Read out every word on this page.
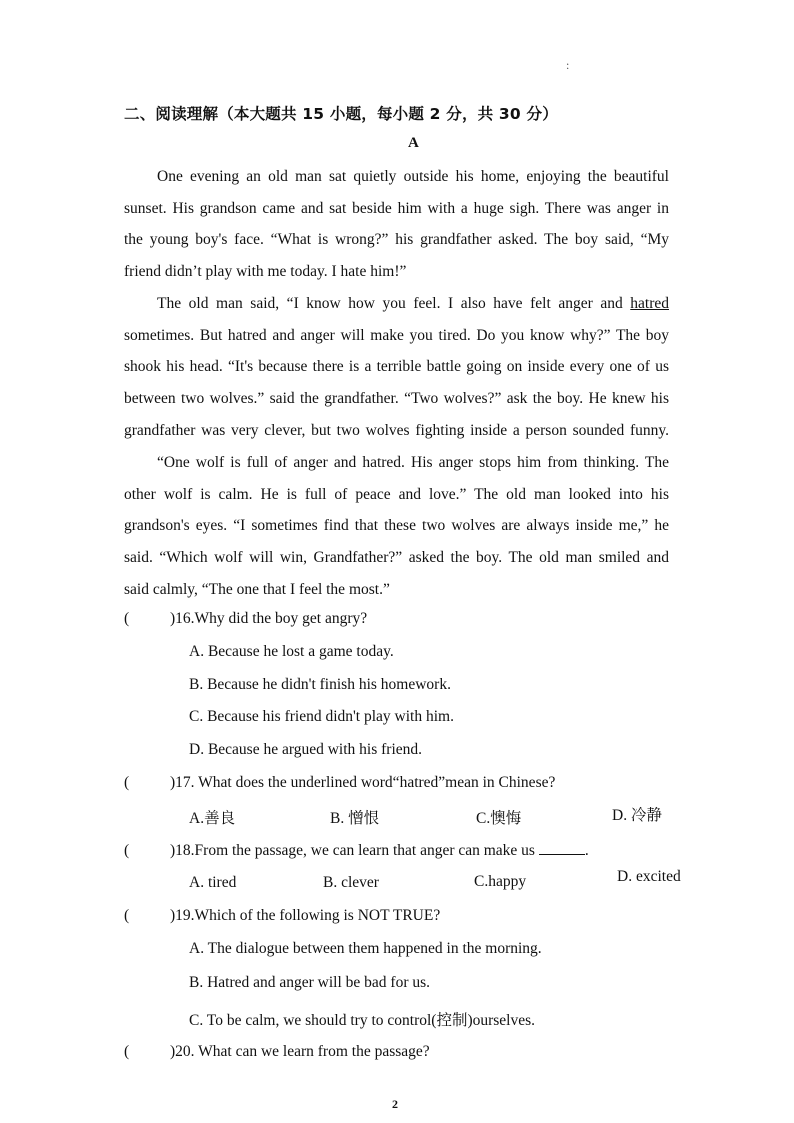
:
二、阅读理解（本大题共 15 小题，每小题 2 分，共 30 分）
A
One evening an old man sat quietly outside his home, enjoying the beautiful
sunset. His grandson came and sat beside him with a huge sigh. There was anger in
the young boy's face. “What is wrong?” his grandfather asked. The boy said, “My
friend didn’t play with me today. I hate him!”
The old man said, “I know how you feel. I also have felt anger and hatred
sometimes. But hatred and anger will make you tired. Do you know why?” The boy
shook his head. “It's because there is a terrible battle going on inside every one of us
between two wolves.” said the grandfather. “Two wolves?” ask the boy. He knew his
grandfather was very clever, but two wolves fighting inside a person sounded funny.
“One wolf is full of anger and hatred. His anger stops him from thinking. The
other wolf is calm. He is full of peace and love.” The old man looked into his
grandson's eyes. “I sometimes find that these two wolves are always inside me,” he
said. “Which wolf will win, Grandfather?” asked the boy. The old man smiled and
said calmly, “The one that I feel the most.”
(	)16.Why did the boy get angry?
A. Because he lost a game today.
B. Because he didn't finish his homework.
C. Because his friend didn't play with him.
D. Because he argued with his friend.
(	)17. What does the underlined word“hatred”mean in Chinese?
A.善良	B. 憎恨	C.懊悔	D. 冷静
(	)18.From the passage, we can learn that anger can make us	.
A. tired	B. clever	C.happy	D. excited
(	)19.Which of the following is NOT TRUE?
A. The dialogue between them happened in the morning.
B. Hatred and anger will be bad for us.
C. To be calm, we should try to control(控制)ourselves.
(	)20. What can we learn from the passage?
2
